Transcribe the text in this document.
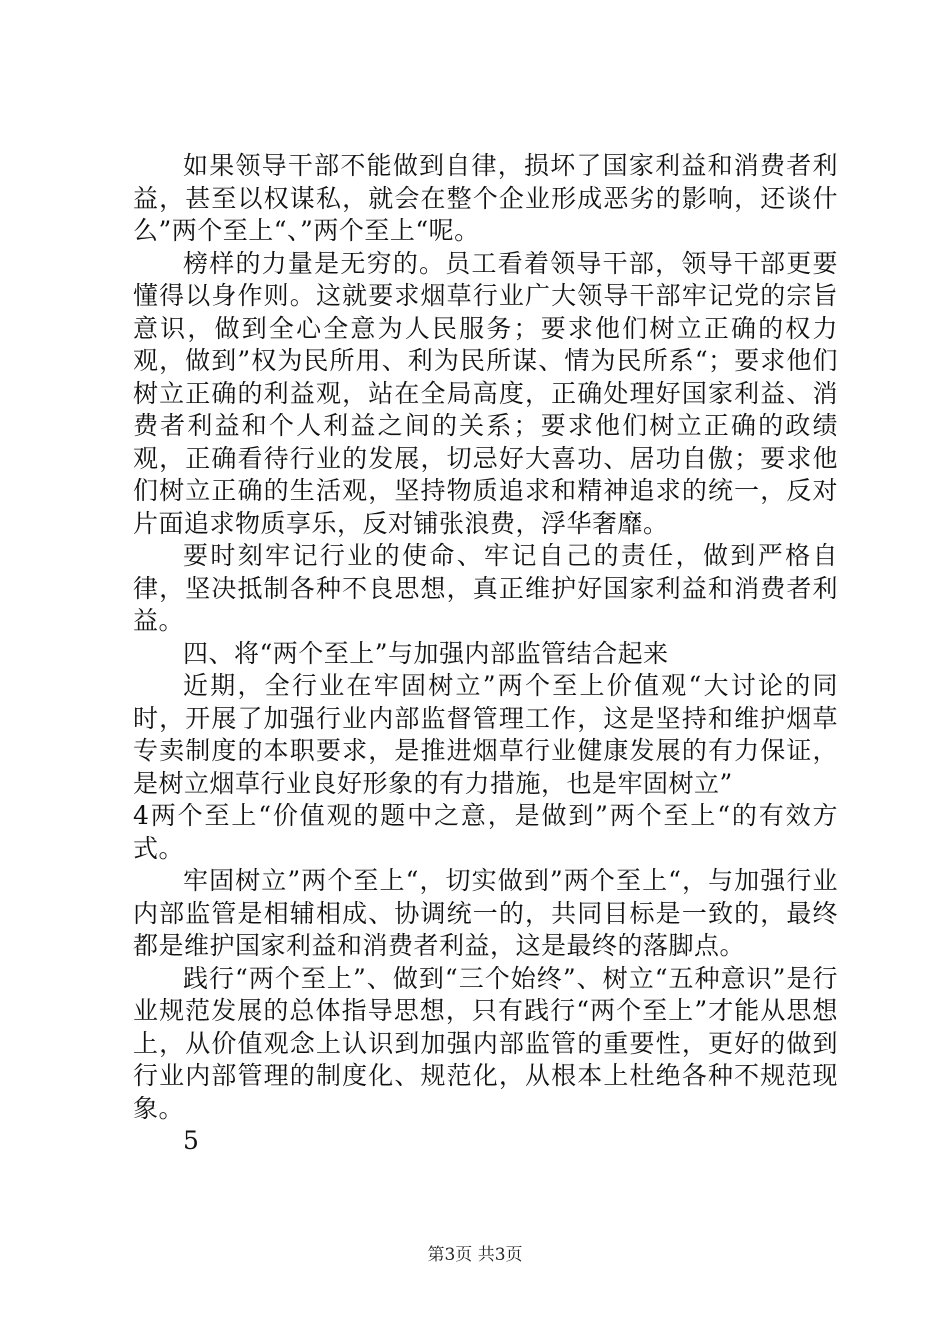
如果领导干部不能做到自律，损坏了国家利益和消费者利益，甚至以权谋私，就会在整个企业形成恶劣的影响，还谈什么”两个至上“、”两个至上“呢。

榜样的力量是无穷的。员工看着领导干部，领导干部更要懂得以身作则。这就要求烟草行业广大领导干部牢记党的宗旨意识，做到全心全意为人民服务；要求他们树立正确的权力观，做到”权为民所用、利为民所谋、情为民所系“；要求他们树立正确的利益观，站在全局高度，正确处理好国家利益、消费者利益和个人利益之间的关系；要求他们树立正确的政绩观，正确看待行业的发展，切忌好大喜功、居功自傲；要求他们树立正确的生活观，坚持物质追求和精神追求的统一，反对片面追求物质享乐，反对铺张浪费，浮华奢靡。

要时刻牢记行业的使命、牢记自己的责任，做到严格自律，坚决抵制各种不良思想，真正维护好国家利益和消费者利益。

四、将“两个至上”与加强内部监管结合起来

近期，全行业在牢固树立”两个至上价值观“大讨论的同时，开展了加强行业内部监督管理工作，这是坚持和维护烟草专卖制度的本职要求，是推进烟草行业健康发展的有力保证，是树立烟草行业良好形象的有力措施，也是牢固树立”

4两个至上“价值观的题中之意，是做到”两个至上“的有效方式。

牢固树立”两个至上“，切实做到”两个至上“，与加强行业内部监管是相辅相成、协调统一的，共同目标是一致的，最终都是维护国家利益和消费者利益，这是最终的落脚点。

践行“两个至上”、做到“三个始终”、树立“五种意识”是行业规范发展的总体指导思想，只有践行“两个至上”才能从思想上，从价值观念上认识到加强内部监管的重要性，更好的做到行业内部管理的制度化、规范化，从根本上杜绝各种不规范现象。

5

第3页 共3页
